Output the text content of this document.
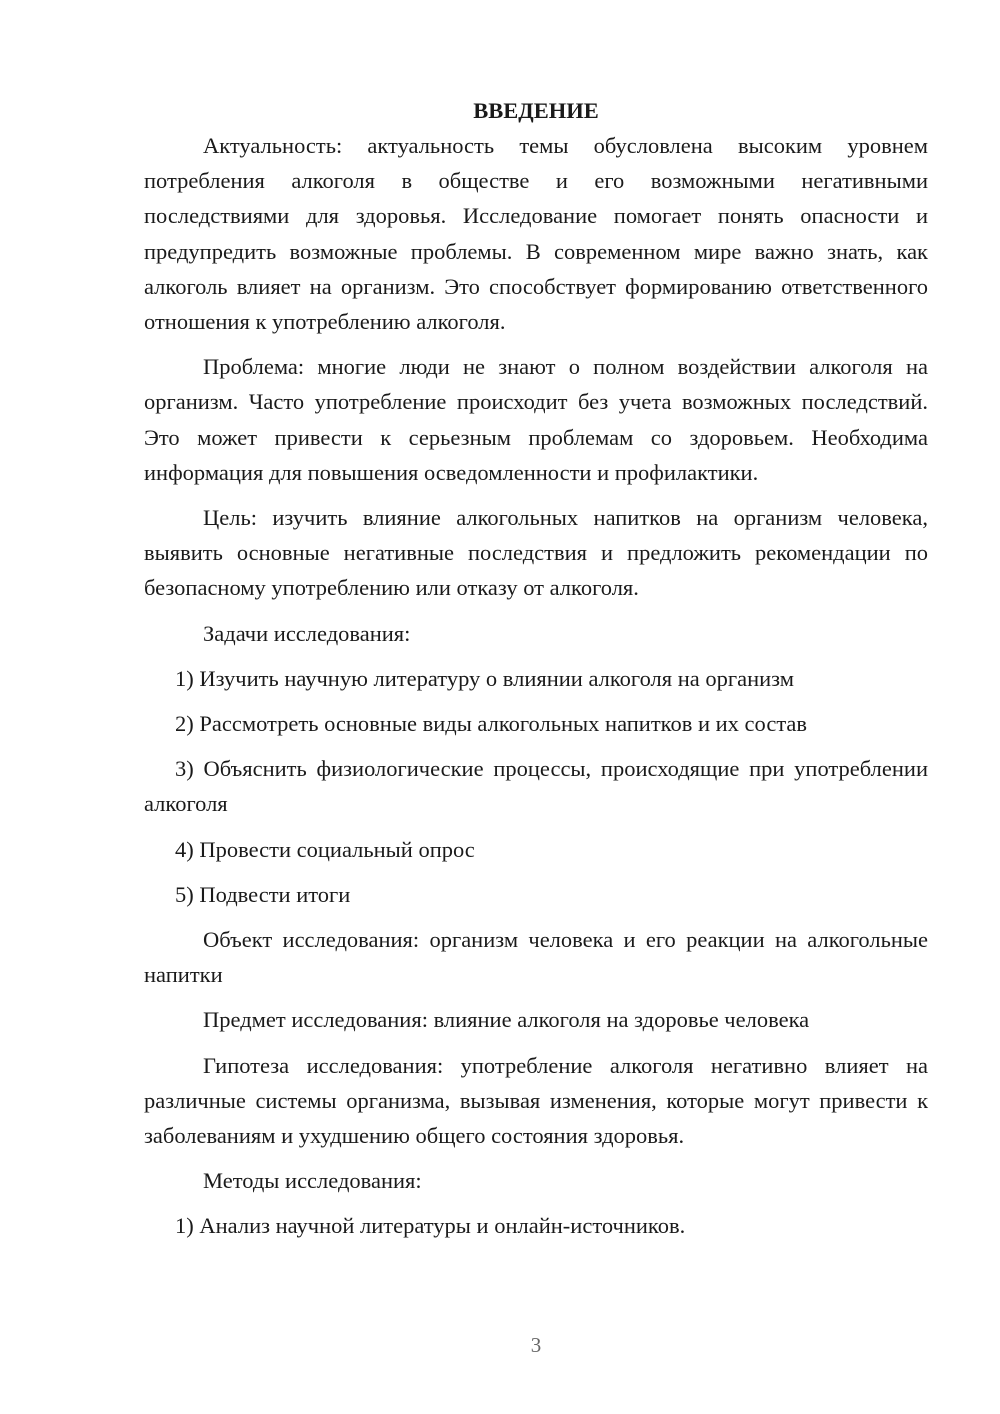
ВВЕДЕНИЕ

Актуальность: актуальность темы обусловлена высоким уровнем потребления алкоголя в обществе и его возможными негативными последствиями для здоровья. Исследование помогает понять опасности и предупредить возможные проблемы. В современном мире важно знать, как алкоголь влияет на организм. Это способствует формированию ответственного отношения к употреблению алкоголя.

Проблема: многие люди не знают о полном воздействии алкоголя на организм. Часто употребление происходит без учета возможных последствий. Это может привести к серьезным проблемам со здоровьем. Необходима информация для повышения осведомленности и профилактики.

Цель: изучить влияние алкогольных напитков на организм человека, выявить основные негативные последствия и предложить рекомендации по безопасному употреблению или отказу от алкоголя.

Задачи исследования:

1) Изучить научную литературу о влиянии алкоголя на организм

2) Рассмотреть основные виды алкогольных напитков и их состав

3) Объяснить физиологические процессы, происходящие при употреблении алкоголя

4) Провести социальный опрос

5) Подвести итоги

Объект исследования: организм человека и его реакции на алкогольные напитки

Предмет исследования: влияние алкоголя на здоровье человека

Гипотеза исследования: употребление алкоголя негативно влияет на различные системы организма, вызывая изменения, которые могут привести к заболеваниям и ухудшению общего состояния здоровья.

Методы исследования:

1) Анализ научной литературы и онлайн-источников.

3
